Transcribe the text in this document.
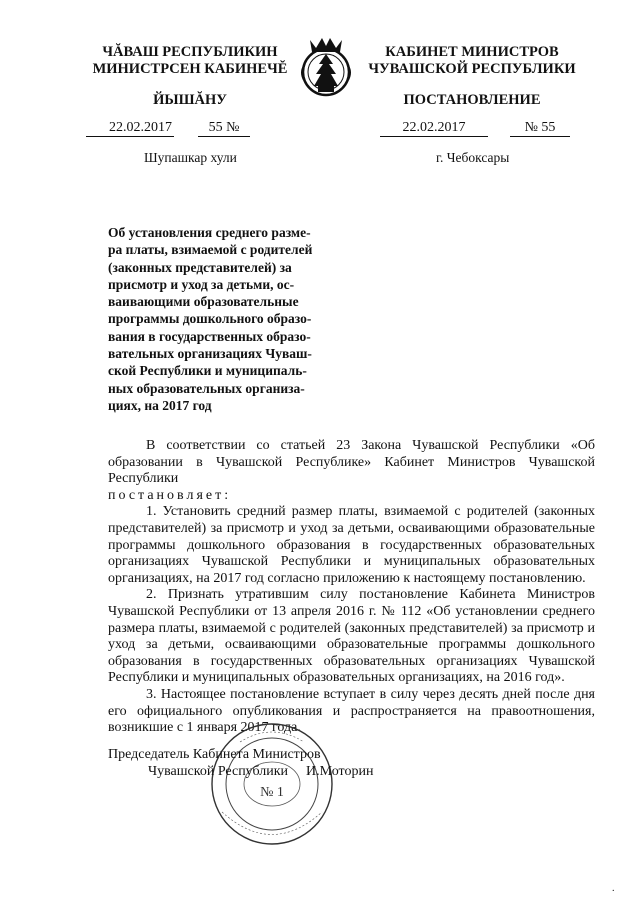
ЧĂВАШ РЕСПУБЛИКИН
МИНИСТРСЕН КАБИНЕЧĔ
ЙЫШĂНУ
КАБИНЕТ МИНИСТРОВ
ЧУВАШСКОЙ РЕСПУБЛИКИ
ПОСТАНОВЛЕНИЕ
22.02.2017	55 №	22.02.2017	№ 55
Шупашкар хули	г. Чебоксары
Об установления среднего разме-
ра платы, взимаемой с родителей
(законных представителей) за
присмотр и уход за детьми, ос-
ваивающими образовательные
программы дошкольного образо-
вания в государственных образо-
вательных организациях Чуваш-
ской Республики и муниципаль-
ных образовательных организа-
циях, на 2017 год

В соответствии со статьей 23 Закона Чувашской Республики «Об образовании в Чувашской Республике» Кабинет Министров Чувашской Республики
постановляет:

1. Установить средний размер платы, взимаемой с родителей (законных представителей) за присмотр и уход за детьми, осваивающими образовательные программы дошкольного образования в государственных образовательных организациях Чувашской Республики и муниципальных образовательных организациях, на 2017 год согласно приложению к настоящему постановлению.

2. Признать утратившим силу постановление Кабинета Министров Чувашской Республики от 13 апреля 2016 г. № 112 «Об установлении среднего размера платы, взимаемой с родителей (законных представителей) за присмотр и уход за детьми, осваивающими образовательные программы дошкольного образования в государственных образовательных организациях Чувашской Республики и муниципальных образовательных организациях, на 2016 год».

3. Настоящее постановление вступает в силу через десять дней после дня его официального опубликования и распространяется на правоотношения, возникшие с 1 января 2017 года.

№ 1
Председатель Кабинета Министров
Чувашской Республики И.Моторин
.
